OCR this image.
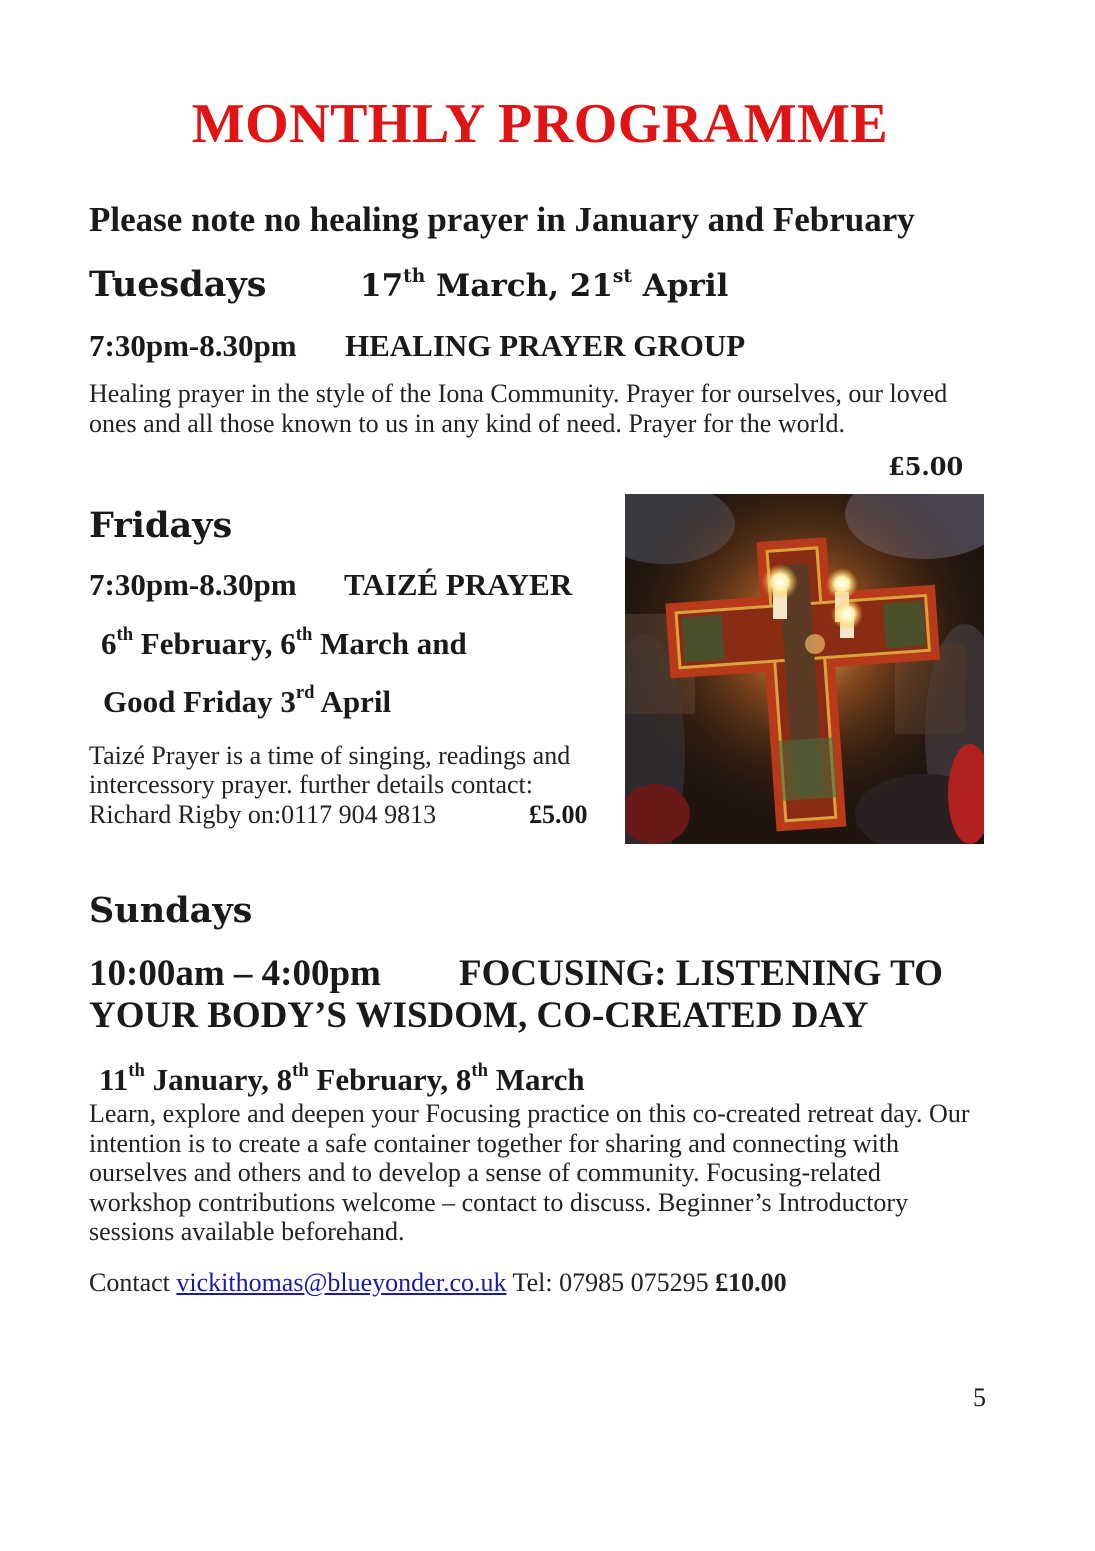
MONTHLY PROGRAMME
Please note no healing prayer in January and February
Tuesdays	17th March, 21st April
7:30pm-8.30pm HEALING PRAYER GROUP
Healing prayer in the style of the Iona Community. Prayer for ourselves, our loved ones and all those known to us in any kind of need. Prayer for the world.
£5.00
Fridays
7:30pm-8.30pm TAIZÉ PRAYER
6th February, 6th March and
Good Friday 3rd April
Taizé Prayer is a time of singing, readings and
intercessory prayer. further details contact:
Richard Rigby on:0117 904 9813	£5.00
Sundays
10:00am – 4:00pm FOCUSING: LISTENING TO
YOUR BODY’S WISDOM, CO-CREATED DAY
11th January, 8th February, 8th March
Learn, explore and deepen your Focusing practice on this co-created retreat day. Our intention is to create a safe container together for sharing and connecting with ourselves and others and to develop a sense of community. Focusing-related workshop contributions welcome – contact to discuss. Beginner’s Introductory sessions available beforehand.
Contact vickithomas@blueyonder.co.uk Tel: 07985 075295 £10.00
5
